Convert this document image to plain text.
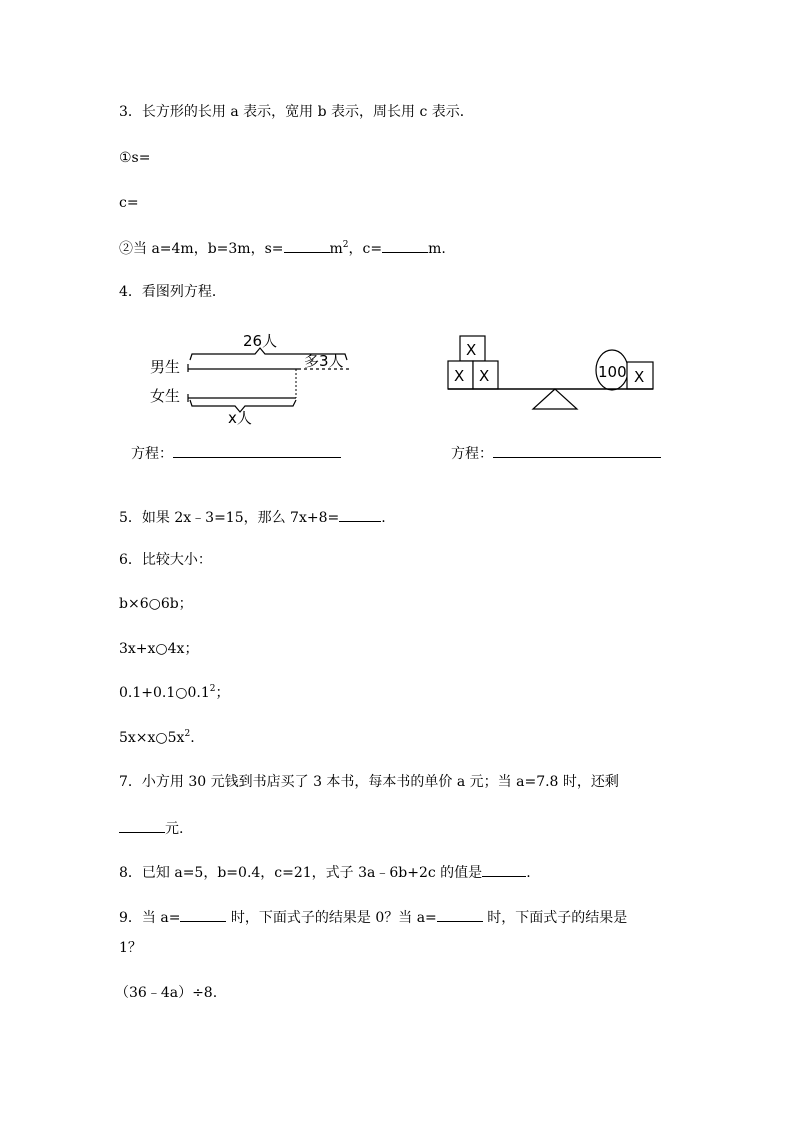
3．长方形的长用 a 表示，宽用 b 表示，周长用 c 表示．
①s=
c=
②当 a=4m，b=3m，s=	$m^2$，c=	m.
4．看图列方程．
26人
男生	多3人
女生
x人
X
X X	100 X
方程：	方程：
5．如果 2x﹣3=15，那么 7x+8=	.
6．比较大小：
b×6○6b；
3x+x○4x；
$0.1+0.1○0.1^2$；
$5x\times x○5x^2$.
7．小方用 30 元钱到书店买了 3 本书，每本书的单价 a 元；当 a=7.8 时，还剩
元.
8．已知 a=5，b=0.4，c=21，式子 3a﹣6b+2c 的值是	.
9．当 a=	时，下面式子的结果是 0？当 a=	时，下面式子的结果是
1？
（36﹣4a）÷8.
